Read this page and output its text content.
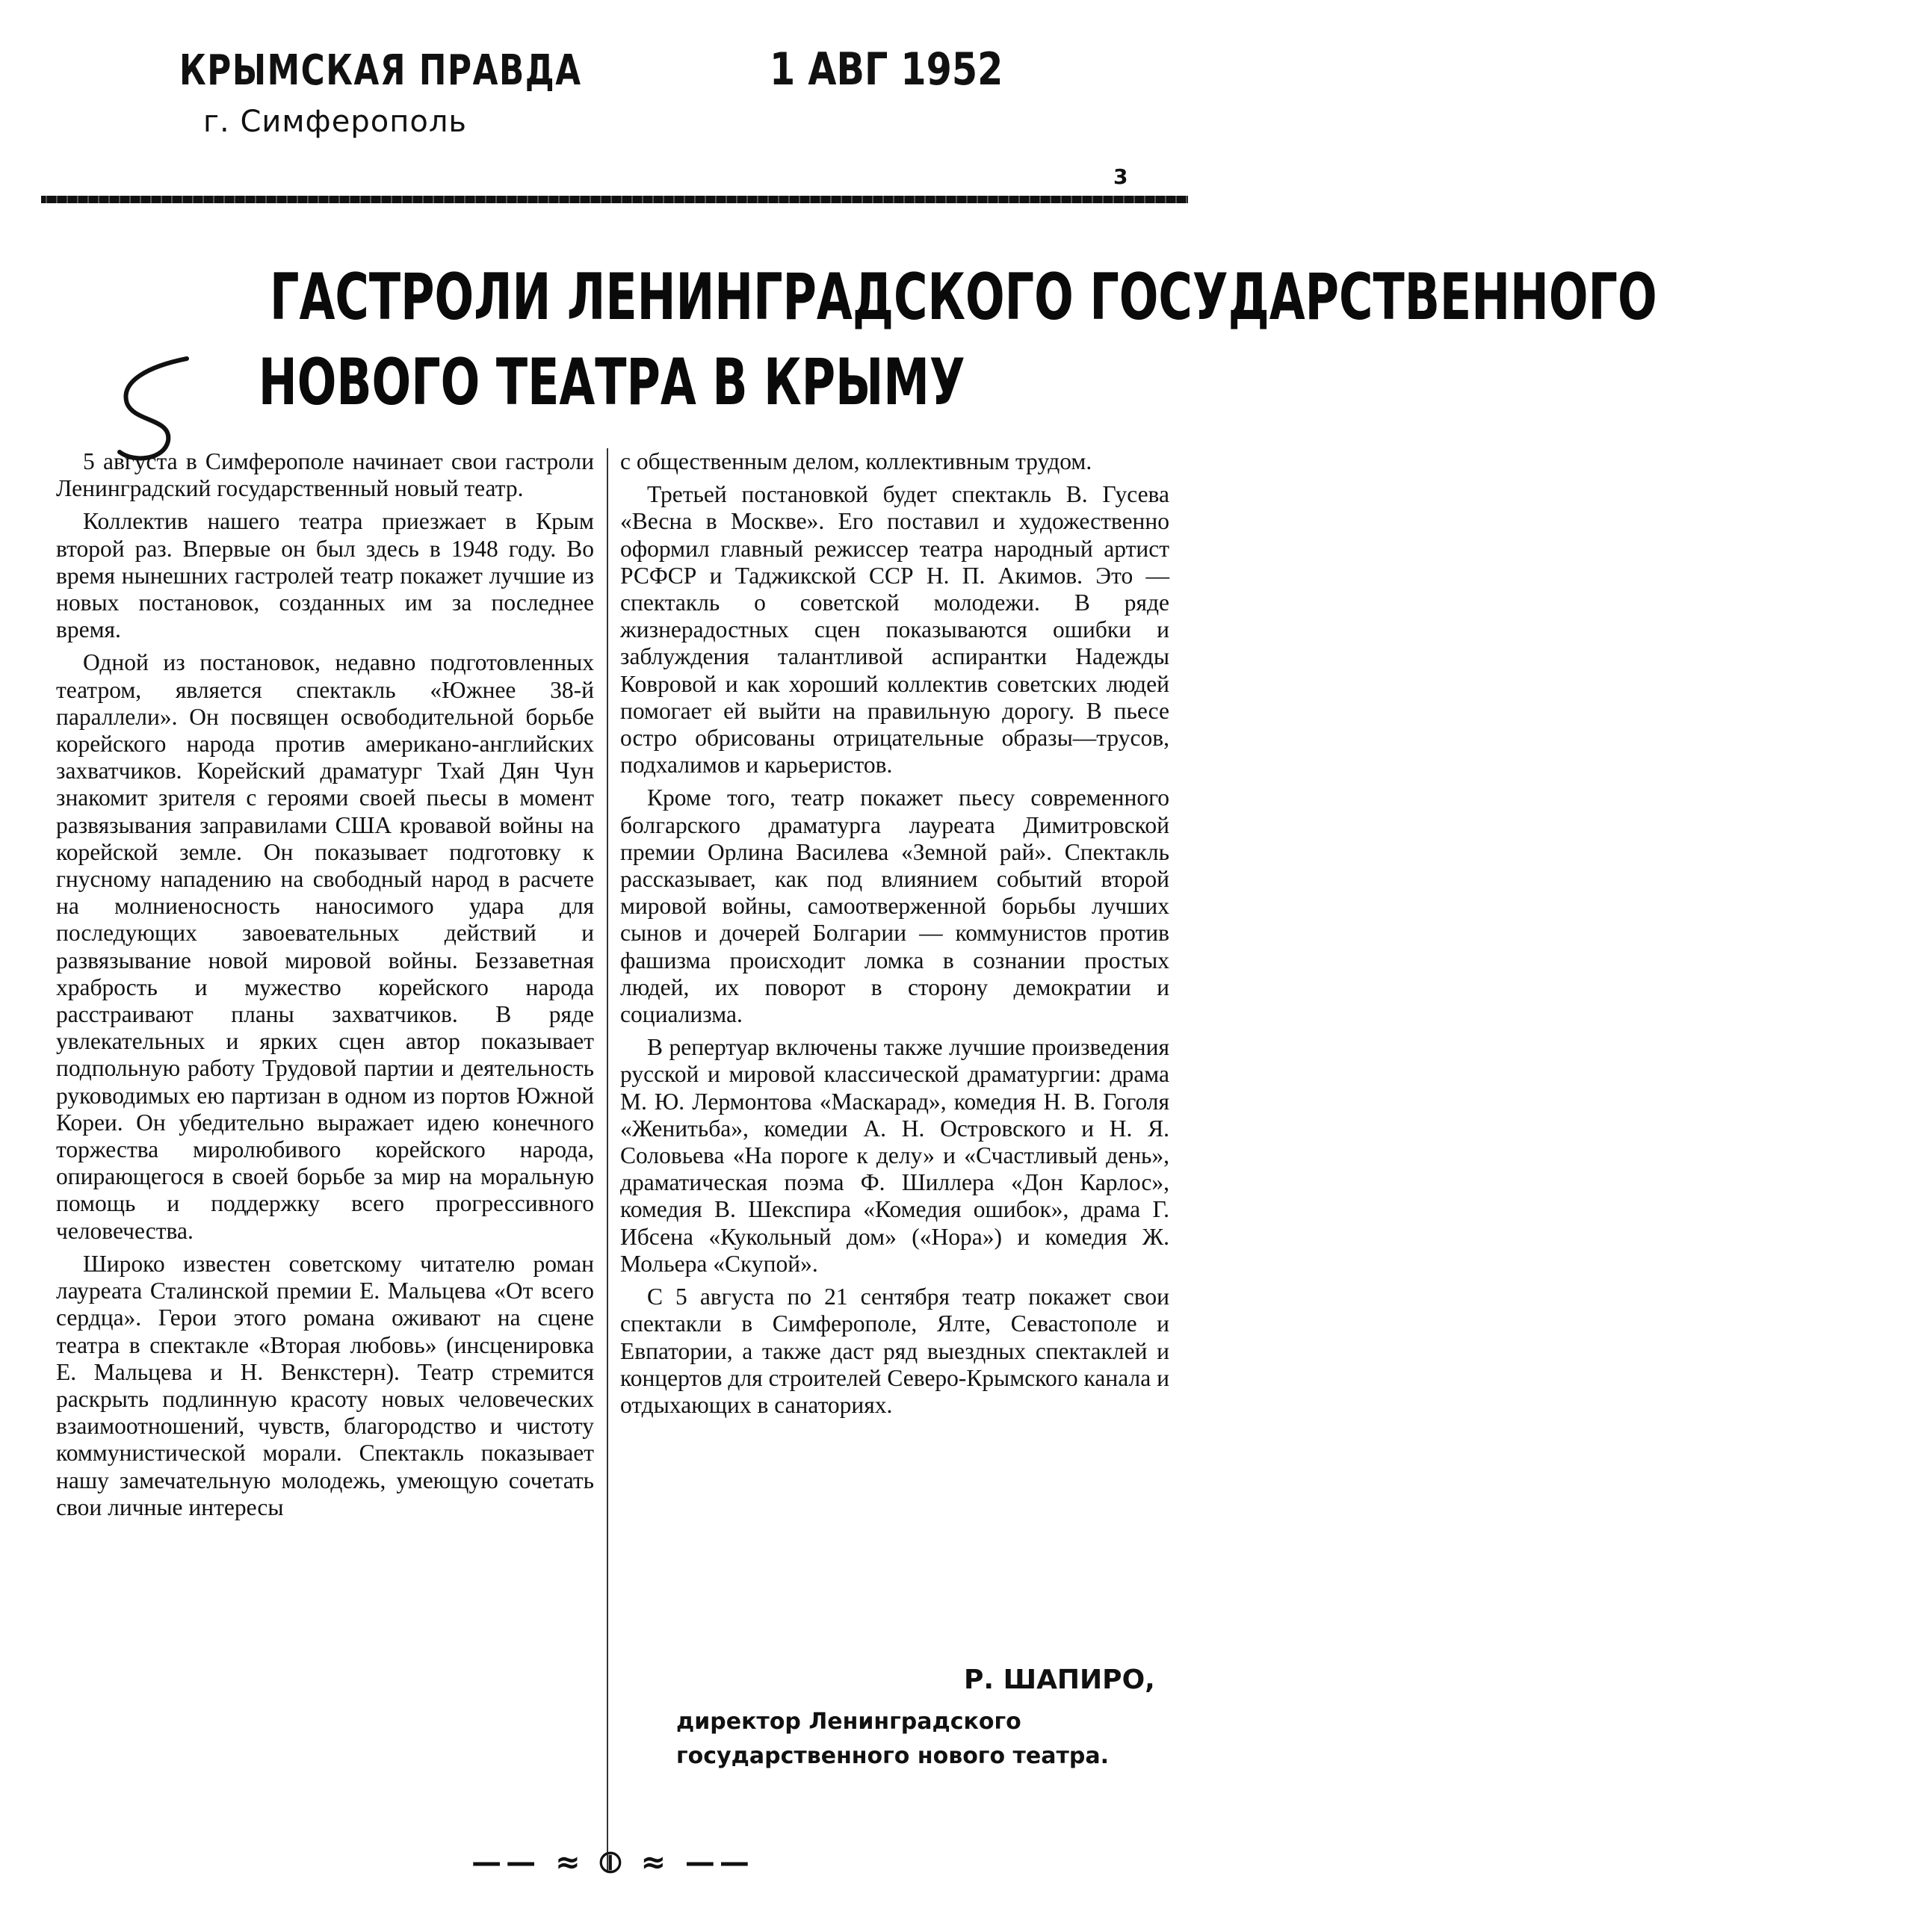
КРЫМСКАЯ ПРАВДА
г. Симферополь
1 АВГ 1952
3
ГАСТРОЛИ ЛЕНИНГРАДСКОГО ГОСУДАРСТВЕННОГО
НОВОГО ТЕАТРА В КРЫМУ

5 августа в Симферополе начинает свои гастроли Ленинградский государственный новый театр.

Коллектив нашего театра приезжает в Крым второй раз. Впервые он был здесь в 1948 году. Во время нынешних гастролей театр покажет лучшие из новых постановок, созданных им за последнее время.

Одной из постановок, недавно подготовленных театром, является спектакль «Южнее 38-й параллели». Он посвящен освободительной борьбе корейского народа против американо-английских захватчиков. Корейский драматург Тхай Дян Чун знакомит зрителя с героями своей пьесы в момент развязывания заправилами США кровавой войны на корейской земле. Он показывает подготовку к гнусному нападению на свободный народ в расчете на молниеносность наносимого удара для последующих завоевательных действий и развязывание новой мировой войны. Беззаветная храбрость и мужество корейского народа расстраивают планы захватчиков. В ряде увлекательных и ярких сцен автор показывает подпольную работу Трудовой партии и деятельность руководимых ею партизан в одном из портов Южной Кореи. Он убедительно выражает идею конечного торжества миролюбивого корейского народа, опирающегося в своей борьбе за мир на моральную помощь и поддержку всего прогрессивного человечества.

Широко известен советскому читателю роман лауреата Сталинской премии Е. Мальцева «От всего сердца». Герои этого романа оживают на сцене театра в спектакле «Вторая любовь» (инсценировка Е. Мальцева и Н. Венкстерн). Театр стремится раскрыть подлинную красоту новых человеческих взаимоотношений, чувств, благородство и чистоту коммунистической морали. Спектакль показывает нашу замечательную молодежь, умеющую сочетать свои личные интересы

с общественным делом, коллективным трудом.

Третьей постановкой будет спектакль В. Гусева «Весна в Москве». Его поставил и художественно оформил главный режиссер театра народный артист РСФСР и Таджикской ССР Н. П. Акимов. Это — спектакль о советской молодежи. В ряде жизнерадостных сцен показываются ошибки и заблуждения талантливой аспирантки Надежды Ковровой и как хороший коллектив советских людей помогает ей выйти на правильную дорогу. В пьесе остро обрисованы отрицательные образы—трусов, подхалимов и карьеристов.

Кроме того, театр покажет пьесу современного болгарского драматурга лауреата Димитровской премии Орлина Василева «Земной рай». Спектакль рассказывает, как под влиянием событий второй мировой войны, самоотверженной борьбы лучших сынов и дочерей Болгарии — коммунистов против фашизма происходит ломка в сознании простых людей, их поворот в сторону демократии и социализма.

В репертуар включены также лучшие произведения русской и мировой классической драматургии: драма М. Ю. Лермонтова «Маскарад», комедия Н. В. Гоголя «Женитьба», комедии А. Н. Островского и Н. Я. Соловьева «На пороге к делу» и «Счастливый день», драматическая поэма Ф. Шиллера «Дон Карлос», комедия В. Шекспира «Комедия ошибок», драма Г. Ибсена «Кукольный дом» («Нора») и комедия Ж. Мольера «Скупой».

С 5 августа по 21 сентября театр покажет свои спектакли в Симферополе, Ялте, Севастополе и Евпатории, а также даст ряд выездных спектаклей и концертов для строителей Северо-Крымского канала и отдыхающих в санаториях.

Р. ШАПИРО,
директор Ленинградского государственного нового театра.
—— ≈ ⦶ ≈ ——
